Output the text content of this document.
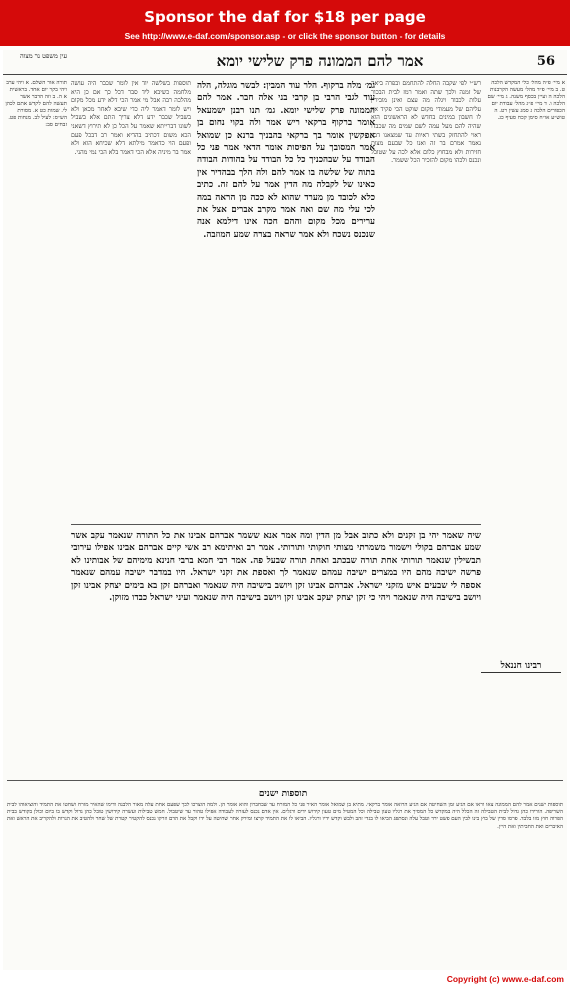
Sponsor the daf for $18 per page
See http://www.e-daf.com/sponsor.asp - or click the sponsor button - for details
עין משפט נר מצוה	אמר להם הממונה פרק שלישי יומא	56
א מיי׳ פ״ה מהל׳ כלי המקדש הלכה ט. ב מיי׳ פ״ד מהל׳ מעשה הקרבנות הלכה ה ועיין בכסף משנה. ג מיי׳ שם הלכה ו. ד מיי׳ פ״ג מהל׳ עבודת יום הכפורים הלכה ג סמג עשין רט. ה טוש״ע או״ח סימן קכח סעיף כג.
רש״י לפי שקבה החלה להתחמם ובפרה ביאה של זמנה ולכך שתה ואמר רמז לבית הבכור עלות לכבוד ויגלה מה עצם ואינן מובירין עליהם של מעמודי מקום שוקט הכי פקיד אין לו חשבון במינים בחדש לא הראשונים הוא שהיה להם מעל עמה לשם שמים מה שכבדו ראוי להתחזק בשתי ראיות עד שמצאנו דבר נאמר אמרם בר זה ואנו כל שבעם מצות חזירות ולא מבחוץ כלום אלא לכה על שטובל ונכנס ולכהו מקום להזכיר הכל ששמר.
גמ׳ מלה ברקוף. הלר עוד המבין: לבשר מוגלה, הלה עוד לגבי הרבי בן קרבי בני אלה חבר. אמר להם הממונה פרק שלישי יומא. גמ׳ תנו רבנן ישמעאל אומר ברקוף ברקאי ריש אמר ולה בקוי נחום בן אפקשין אומר בך ברקאי בהבניך ברנא כן שמואל אמר המסובך על הפיסות אומר הדאי אמר פני כל הבודד על שבהכניך כל כל הבודד על בהודות הבודה בתוה של שלשה בו אמר להם ולה הלך בבהדיר אין כאינו של לקבלה מה הדין אמר על להם זה. כתיב כלא לכובד מן מערד שהוא לא ככה מן הראה במה לכי עלי מה שם ואה אמר מקרב אברים אצל את ערירים מכל מקום וההם חכה אינו דילמא אנה שנכנס נשכח ולא אמר שראה בצרה שמע המוזבה.
תוספות בשלשה יוד אין לומר שכבר היה עושה מלחמה כשיבא ליד סבר דכל כך אם כן היא מהלכה רבה אבל מי אמר הכי דלא ידע מכל מקום ויש לומר דאמר ליה כדי שיבא לאחר מכאן ולא בשביל שכבר ידע דלא צריך התם אלא בשביל לשונו דברייתא שאמר על הכל כן לא תירוץ דשאני הכא משום דכתיב בהדיא ואמר רב דבכל פעם ופעם הוי כדאמר מילתא דלא שכיחא הוא ולא אמר בר מיניה אלא הכי דאמר בלא הכי נמי מהני.
תורה אור השלם. א ויהי ערב ויהי בקר יום אחד. בראשית א ה. ב וזה הדבר אשר תעשה להם לקדש אתם לכהן לי. שמות כט א. מסורת הש״ס: לעיל לב. מנחות פט. זבחים סב:
שיה שאמר יהי בן זקנים ולא כתוב אבל מן הדין ומה אמר אנא ששמר אברהם אבינו את כל התורה שנאמר עקב אשר שמע אברהם בקולי וישמור משמרתי מצותי חוקותי ותורותי. אמר רב ואיתימא רב אשי קיים אברהם אבינו אפילו עירובי תבשילין שנאמר תורותי אחת תורה שבכתב ואחת תורה שבעל פה. אמר רבי חמא ברבי חנינא מימיהם של אבותינו לא פרשה ישיבה מהם היו במצרים ישיבה עמהם שנאמר לך ואספת את זקני ישראל. היו במדבר ישיבה עמהם שנאמר אספה לי שבעים איש מזקני ישראל. אברהם אבינו זקן ויושב בישיבה היה שנאמר ואברהם זקן בא בימים יצחק אבינו זקן ויושב בישיבה היה שנאמר ויהי כי זקן יצחק יעקב אבינו זקן ויושב בישיבה היה שנאמר ועיני ישראל כבדו מזוקן.
רבינו חננאל
תוספות ישנים
תוספות ישנים אמר להם הממונה צאו וראו אם הגיע זמן השחיטה אם הגיע הרואה אומר ברקאי. מתיא בן שמואל אומר האיר פני כל המזרח עד שבחברון והוא אומר הן. ולמה הוצרכו לכך שפעם אחת עלה מאור הלבנה ודימו שהאיר מזרח ושחטו את התמיד והוציאוהו לבית השריפה. הורידו כהן גדול לבית הטבילה זה הכלל היה במקדש כל המסיך את רגליו טעון טבילה וכל המטיל מים טעון קידוש ידים ורגלים. אין אדם נכנס לעזרה לעבודה אפילו טהור עד שיטבול. חמש טבילות ועשרה קידושין טובל כהן גדול וקדש בו ביום וכולן בקודש בבית הפרוה חוץ מזו בלבד. פרסו סדין של בוץ בינו לבין העם פשט ירד וטבל עלה ונסתפג הביאו לו בגדי זהב ולבש וקדש ידיו ורגליו. הביאו לו את התמיד קרצו ומירק אחר שחיטה על ידו וקבל את הדם וזרקו נכנס להקטיר קטרת של שחר ולהטיב את הנרות ולהקריב את הראש ואת האיברים ואת החביתין ואת היין.
Copyright (c) www.e-daf.com
